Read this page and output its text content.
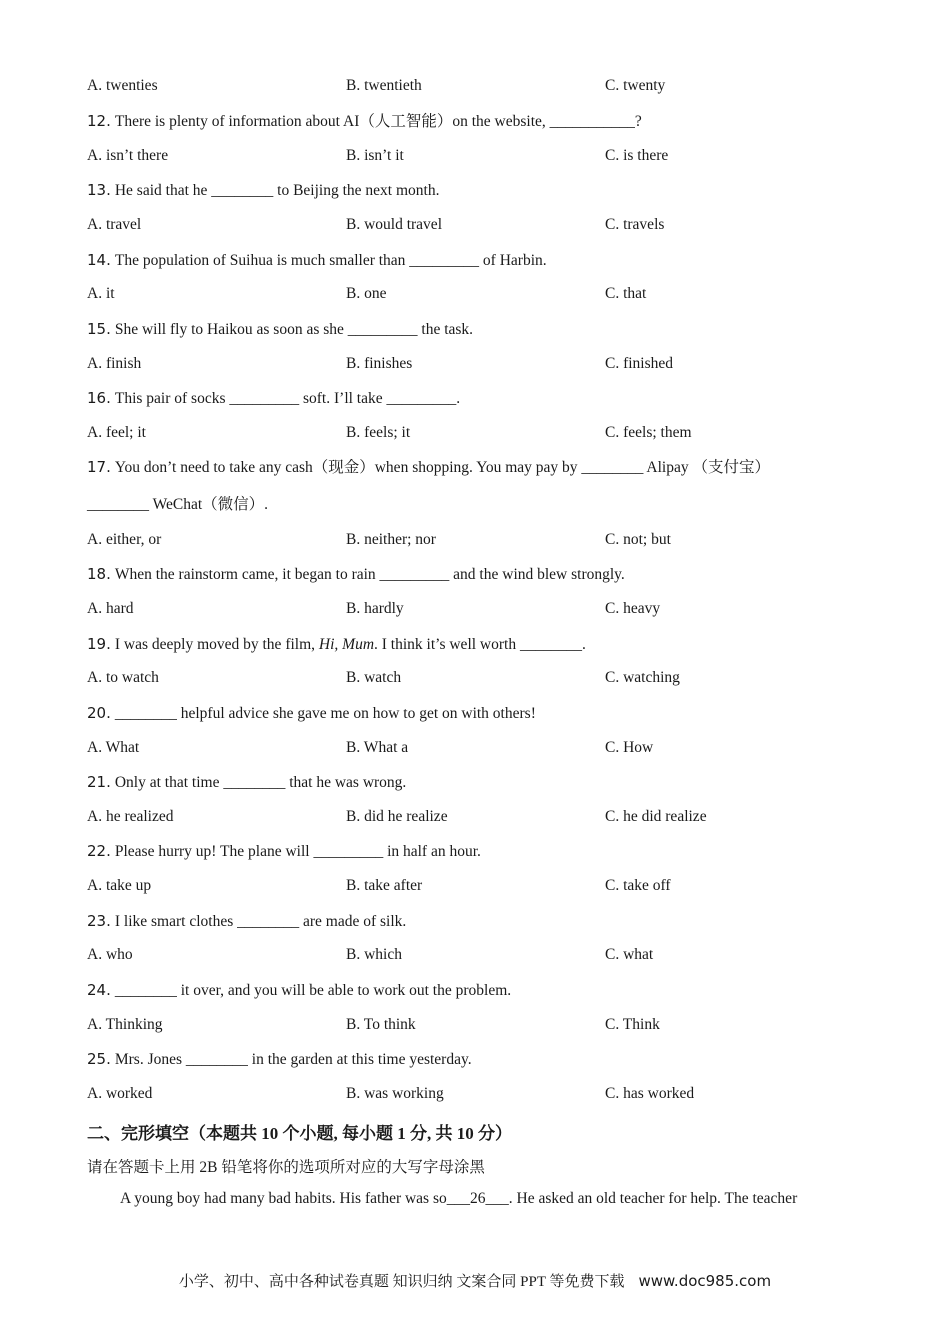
A. twenties	B. twentieth	C. twenty
12. There is plenty of information about AI（人工智能）on the website, ___________?
A. isn’t there	B. isn’t it	C. is there
13. He said that he ________ to Beijing the next month.
A. travel	B. would travel	C. travels
14. The population of Suihua is much smaller than _________ of Harbin.
A. it	B. one	C. that
15. She will fly to Haikou as soon as she _________ the task.
A. finish	B. finishes	C. finished
16. This pair of socks _________ soft. I’ll take _________.
A. feel; it	B. feels; it	C. feels; them
17. You don’t need to take any cash（现金）when shopping. You may pay by ________ Alipay （支付宝）
________ WeChat（微信）.
A. either, or	B. neither; nor	C. not; but
18. When the rainstorm came, it began to rain _________ and the wind blew strongly.
A. hard	B. hardly	C. heavy
19. I was deeply moved by the film, Hi, Mum. I think it’s well worth ________.
A. to watch	B. watch	C. watching
20. ________ helpful advice she gave me on how to get on with others!
A. What	B. What a	C. How
21. Only at that time ________ that he was wrong.
A. he realized	B. did he realize	C. he did realize
22. Please hurry up! The plane will _________ in half an hour.
A. take up	B. take after	C. take off
23. I like smart clothes ________ are made of silk.
A. who	B. which	C. what
24. ________ it over, and you will be able to work out the problem.
A. Thinking	B. To think	C. Think
25. Mrs. Jones ________ in the garden at this time yesterday.
A. worked	B. was working	C. has worked
二、完形填空（本题共 10 个小题, 每小题 1 分, 共 10 分）
请在答题卡上用 2B 铅笔将你的选项所对应的大写字母涂黑
A young boy had many bad habits. His father was so___26___. He asked an old teacher for help. The teacher
小学、初中、高中各种试卷真题 知识归纳 文案合同 PPT 等免费下载 www.doc985.com
